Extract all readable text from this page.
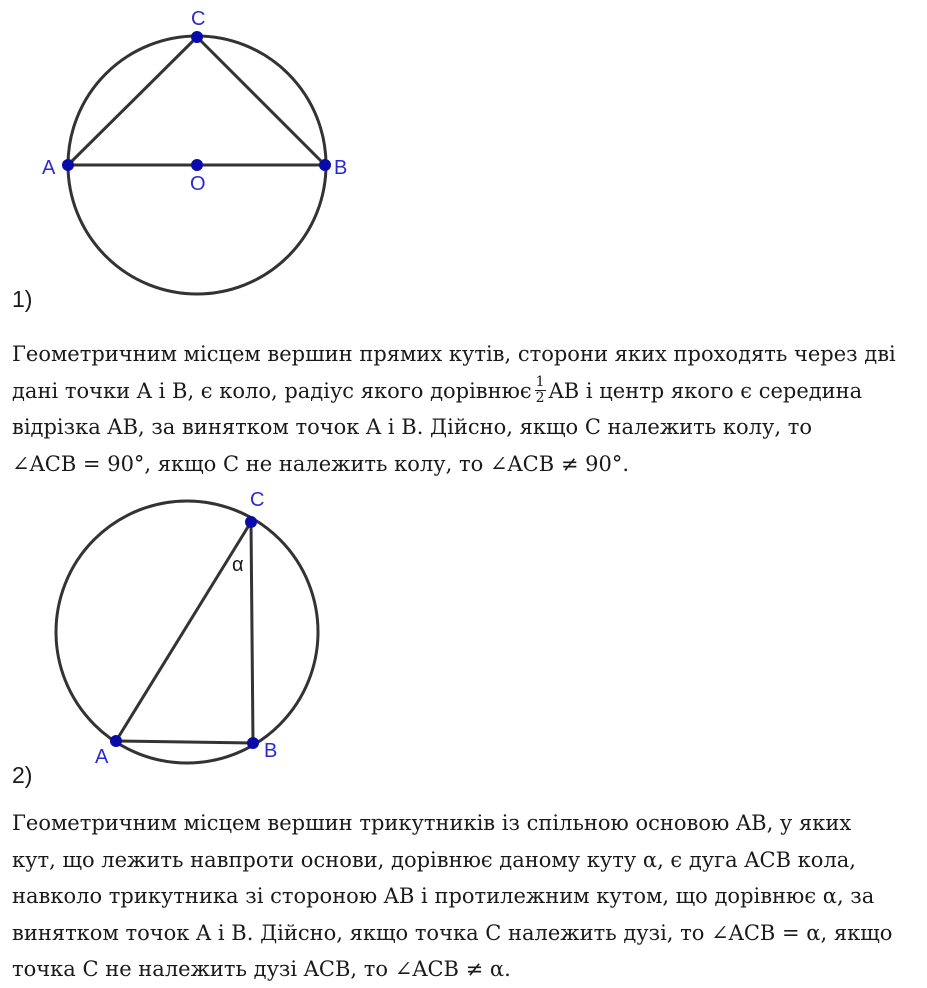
C
A	B
O
1)
Геометричним місцем вершин прямих кутів, сторони яких проходять через дві
дані точки A і B, є коло, радіус якого дорівнює $\frac{1}{2}$ AB і центр якого є середина
відрізка AB, за винятком точок A і B. Дійсно, якщо C належить колу, то
∠ACB = 90°, якщо C не належить колу, то ∠ACB ≠ 90°.
C
A	B
α
2)
Геометричним місцем вершин трикутників із спільною основою AB, у яких
кут, що лежить навпроти основи, дорівнює даному куту α, є дуга ACB кола,
навколо трикутника зі стороною AB і протилежним кутом, що дорівнює α, за
винятком точок A і B. Дійсно, якщо точка C належить дузі, то ∠ACB = α, якщо
точка C не належить дузі ACB, то ∠ACB ≠ α.
